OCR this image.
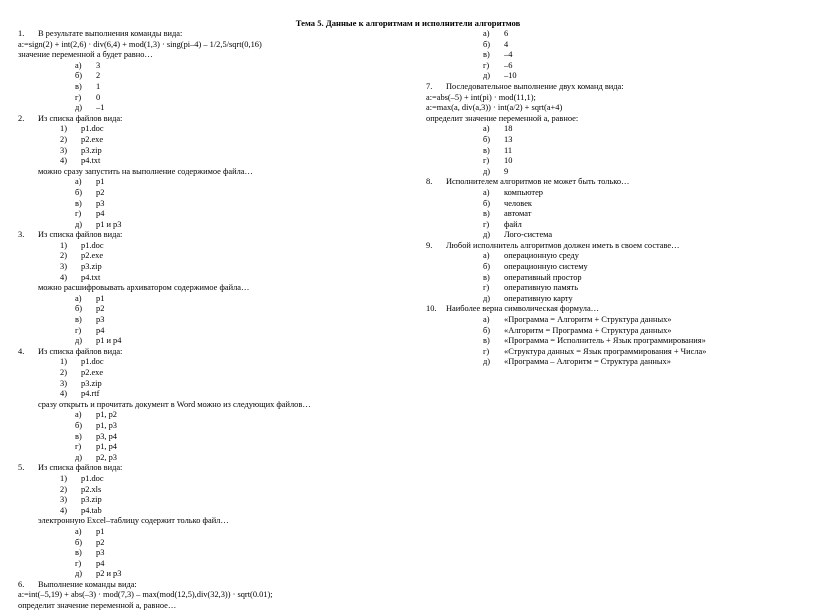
Тема 5. Данные к алгоритмам и исполнители алгоритмов
1. В результате выполнения команды вида:
a:=sign(2) + int(2,6) · div(6,4) + mod(1,3) · sing(pi–4) – 1/2,5/sqrt(0,16)
значение переменной а будет равно…
а) 3
б) 2
в) 1
г) 0
д) –1
2. Из списка файлов вида:
1) p1.doc
2) p2.exe
3) p3.zip
4) p4.txt
можно сразу запустить на выполнение содержимое файла…
а) p1
б) p2
в) p3
г) p4
д) p1 и p3
3. Из списка файлов вида:
1) p1.doc
2) p2.exe
3) p3.zip
4) p4.txt
можно расшифровывать архиватором содержимое файла…
а) p1
б) p2
в) p3
г) p4
д) p1 и p4
4. Из списка файлов вида:
1) p1.doc
2) p2.exe
3) p3.zip
4) p4.rtf
сразу открыть и прочитать документ в Word можно из следующих файлов…
а) p1, p2
б) p1, p3
в) p3, p4
г) p1, p4
д) p2, p3
5. Из списка файлов вида:
1) p1.doc
2) p2.xls
3) p3.zip
4) p4.tab
электронную Excel–таблицу содержит только файл…
а) p1
б) p2
в) p3
г) p4
д) p2 и p3
6. Выполнение команды вида:
a:=int(–5,19) + abs(–3) · mod(7,3) – max(mod(12,5),div(32,3)) · sqrt(0.01);
определит значение переменной а, равное…
а) 6
б) 4
в) –4
г) –6
д) –10
7. Последовательное выполнение двух команд вида:
a:=abs(–5) + int(pi) · mod(11,1);
a:=max(a, div(a,3)) · int(a/2) + sqrt(a+4)
определит значение переменной а, равное:
а) 18
б) 13
в) 11
г) 10
д) 9
8. Исполнителем алгоритмов не может быть только…
а) компьютер
б) человек
в) автомат
г) файл
д) Лого-система
9. Любой исполнитель алгоритмов должен иметь в своем составе…
а) операционную среду
б) операционную систему
в) оперативный простор
г) оперативную память
д) оперативную карту
10. Наиболее верна символическая формула…
а) «Программа = Алгоритм + Структура данных»
б) «Алгоритм = Программа + Структура данных»
в) «Программа = Исполнитель + Язык программирования»
г) «Структура данных = Язык программирования + Числа»
д) «Программа – Алгоритм = Структура данных»
